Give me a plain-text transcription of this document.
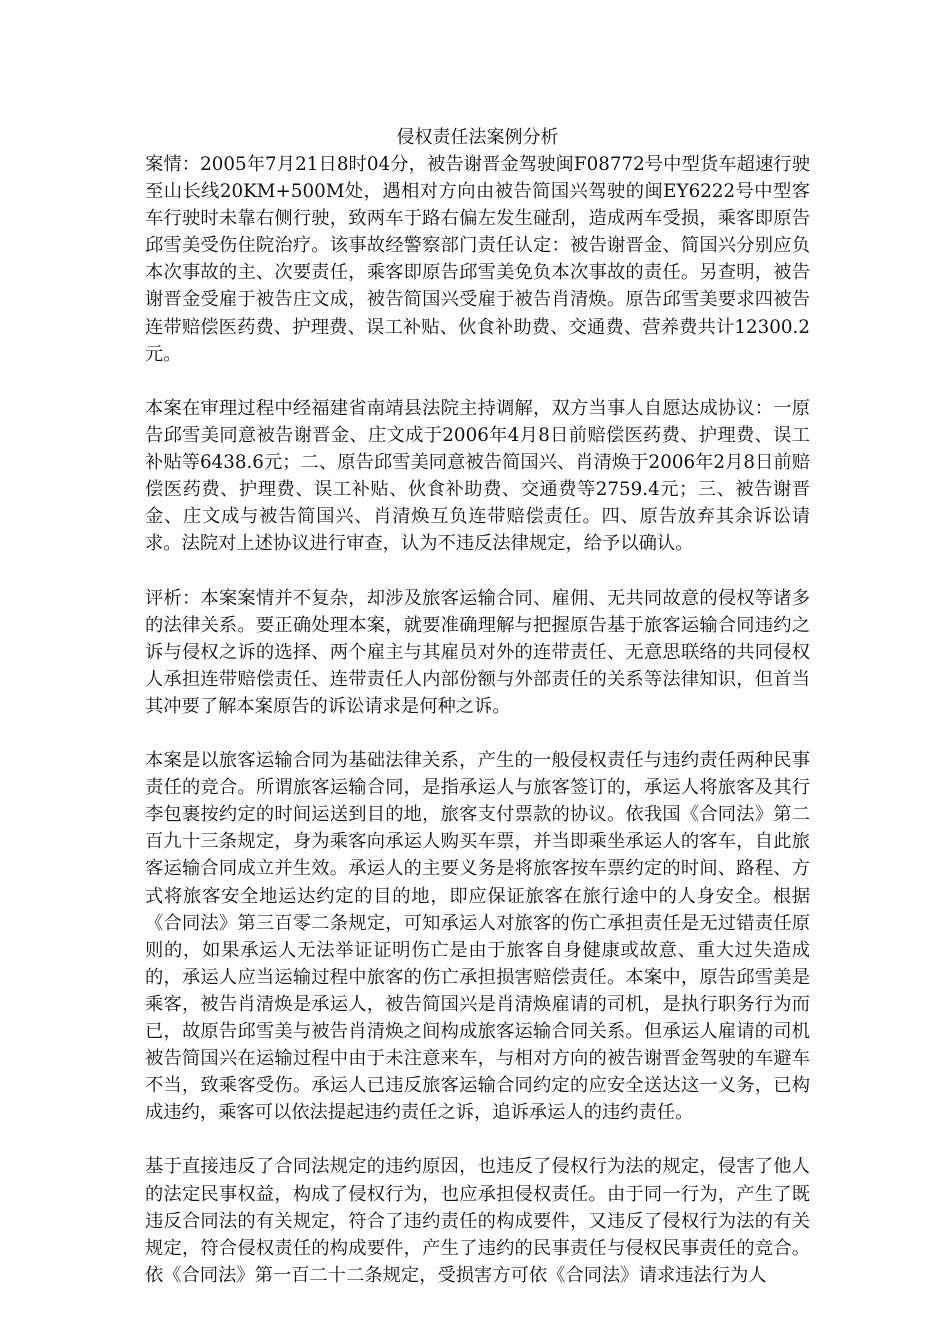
侵权责任法案例分析

案情：2005年7月21日8时04分，被告谢晋金驾驶闽F08772号中型货车超速行驶至山长线20KM+500M处，遇相对方向由被告简国兴驾驶的闽EY6222号中型客车行驶时未靠右侧行驶，致两车于路右偏左发生碰刮，造成两车受损，乘客即原告邱雪美受伤住院治疗。该事故经警察部门责任认定：被告谢晋金、简国兴分别应负本次事故的主、次要责任，乘客即原告邱雪美免负本次事故的责任。另查明，被告谢晋金受雇于被告庄文成，被告简国兴受雇于被告肖清焕。原告邱雪美要求四被告连带赔偿医药费、护理费、误工补贴、伙食补助费、交通费、营养费共计12300.2元。

本案在审理过程中经福建省南靖县法院主持调解，双方当事人自愿达成协议：一原告邱雪美同意被告谢晋金、庄文成于2006年4月8日前赔偿医药费、护理费、误工补贴等6438.6元；二、原告邱雪美同意被告简国兴、肖清焕于2006年2月8日前赔偿医药费、护理费、误工补贴、伙食补助费、交通费等2759.4元；三、被告谢晋金、庄文成与被告简国兴、肖清焕互负连带赔偿责任。四、原告放弃其余诉讼请求。法院对上述协议进行审查，认为不违反法律规定，给予以确认。

评析：本案案情并不复杂，却涉及旅客运输合同、雇佣、无共同故意的侵权等诸多的法律关系。要正确处理本案，就要准确理解与把握原告基于旅客运输合同违约之诉与侵权之诉的选择、两个雇主与其雇员对外的连带责任、无意思联络的共同侵权人承担连带赔偿责任、连带责任人内部份额与外部责任的关系等法律知识，但首当其冲要了解本案原告的诉讼请求是何种之诉。

本案是以旅客运输合同为基础法律关系，产生的一般侵权责任与违约责任两种民事责任的竞合。所谓旅客运输合同，是指承运人与旅客签订的，承运人将旅客及其行李包裹按约定的时间运送到目的地，旅客支付票款的协议。依我国《合同法》第二百九十三条规定，身为乘客向承运人购买车票，并当即乘坐承运人的客车，自此旅客运输合同成立并生效。承运人的主要义务是将旅客按车票约定的时间、路程、方式将旅客安全地运达约定的目的地，即应保证旅客在旅行途中的人身安全。根据《合同法》第三百零二条规定，可知承运人对旅客的伤亡承担责任是无过错责任原则的，如果承运人无法举证证明伤亡是由于旅客自身健康或故意、重大过失造成的，承运人应当运输过程中旅客的伤亡承担损害赔偿责任。本案中，原告邱雪美是乘客，被告肖清焕是承运人，被告简国兴是肖清焕雇请的司机，是执行职务行为而已，故原告邱雪美与被告肖清焕之间构成旅客运输合同关系。但承运人雇请的司机被告简国兴在运输过程中由于未注意来车，与相对方向的被告谢晋金驾驶的车避车不当，致乘客受伤。承运人已违反旅客运输合同约定的应安全送达这一义务，已构成违约，乘客可以依法提起违约责任之诉，追诉承运人的违约责任。

基于直接违反了合同法规定的违约原因，也违反了侵权行为法的规定，侵害了他人的法定民事权益，构成了侵权行为，也应承担侵权责任。由于同一行为，产生了既违反合同法的有关规定，符合了违约责任的构成要件，又违反了侵权行为法的有关规定，符合侵权责任的构成要件，产生了违约的民事责任与侵权民事责任的竞合。依《合同法》第一百二十二条规定，受损害方可依《合同法》请求违法行为人
